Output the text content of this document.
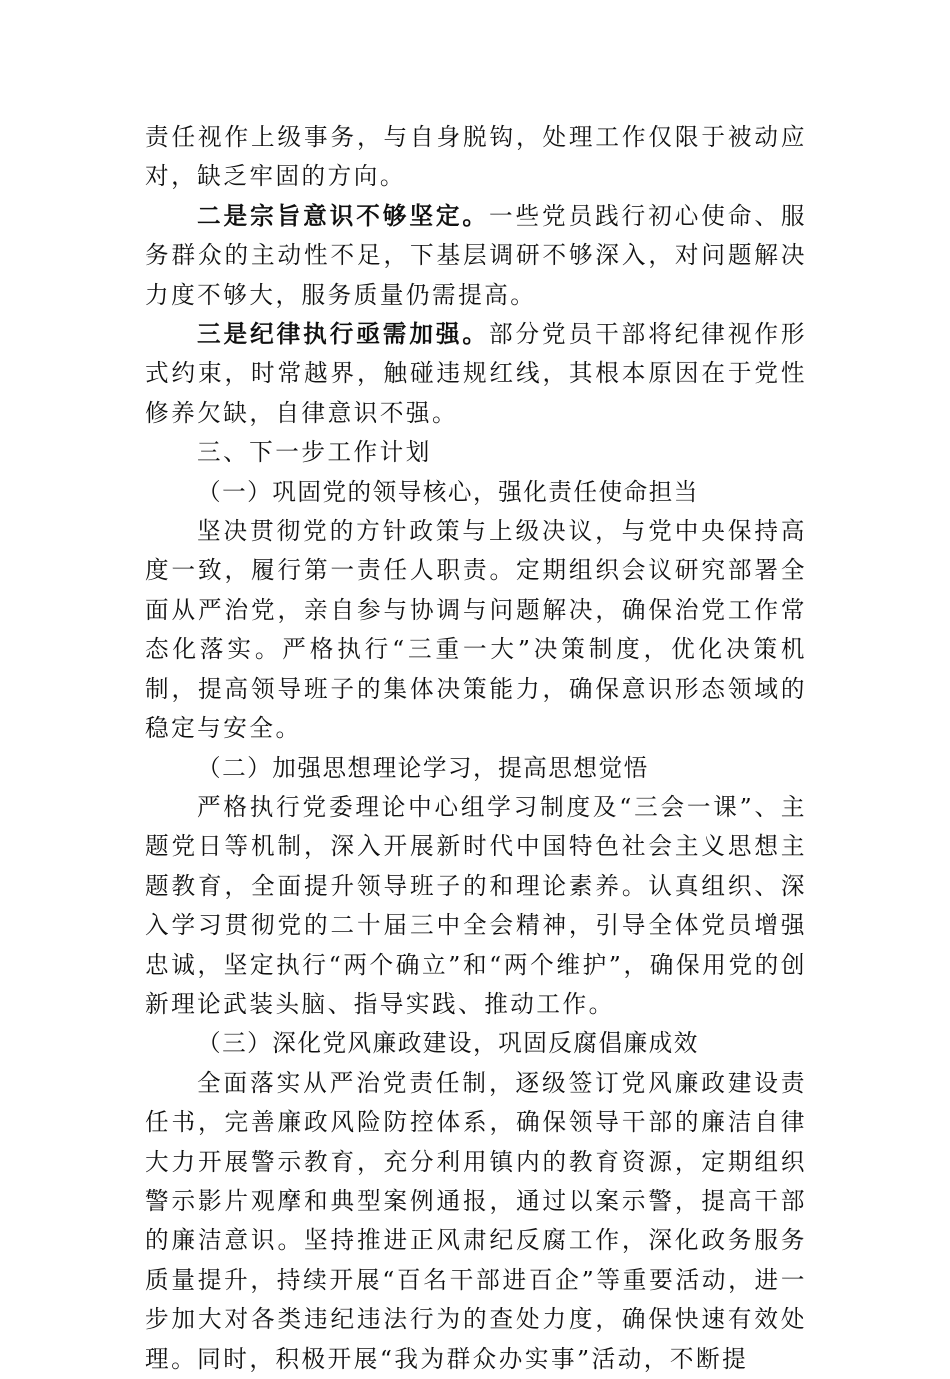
责任视作上级事务，与自身脱钩，处理工作仅限于被动应对，缺乏牢固的方向。

二是宗旨意识不够坚定。一些党员践行初心使命、服务群众的主动性不足，下基层调研不够深入，对问题解决力度不够大，服务质量仍需提高。

三是纪律执行亟需加强。部分党员干部将纪律视作形式约束，时常越界，触碰违规红线，其根本原因在于党性修养欠缺，自律意识不强。

三、下一步工作计划

（一）巩固党的领导核心，强化责任使命担当

坚决贯彻党的方针政策与上级决议，与党中央保持高度一致，履行第一责任人职责。定期组织会议研究部署全面从严治党，亲自参与协调与问题解决，确保治党工作常态化落实。严格执行“三重一大”决策制度，优化决策机制，提高领导班子的集体决策能力，确保意识形态领域的稳定与安全。

（二）加强思想理论学习，提高思想觉悟

严格执行党委理论中心组学习制度及“三会一课”、主题党日等机制，深入开展新时代中国特色社会主义思想主题教育，全面提升领导班子的和理论素养。认真组织、深入学习贯彻党的二十届三中全会精神，引导全体党员增强忠诚，坚定执行“两个确立”和“两个维护”，确保用党的创新理论武装头脑、指导实践、推动工作。

（三）深化党风廉政建设，巩固反腐倡廉成效

全面落实从严治党责任制，逐级签订党风廉政建设责任书，完善廉政风险防控体系，确保领导干部的廉洁自律大力开展警示教育，充分利用镇内的教育资源，定期组织警示影片观摩和典型案例通报，通过以案示警，提高干部的廉洁意识。坚持推进正风肃纪反腐工作，深化政务服务质量提升，持续开展“百名干部进百企”等重要活动，进一步加大对各类违纪违法行为的查处力度，确保快速有效处理。同时，积极开展“我为群众办实事”活动，不断提
